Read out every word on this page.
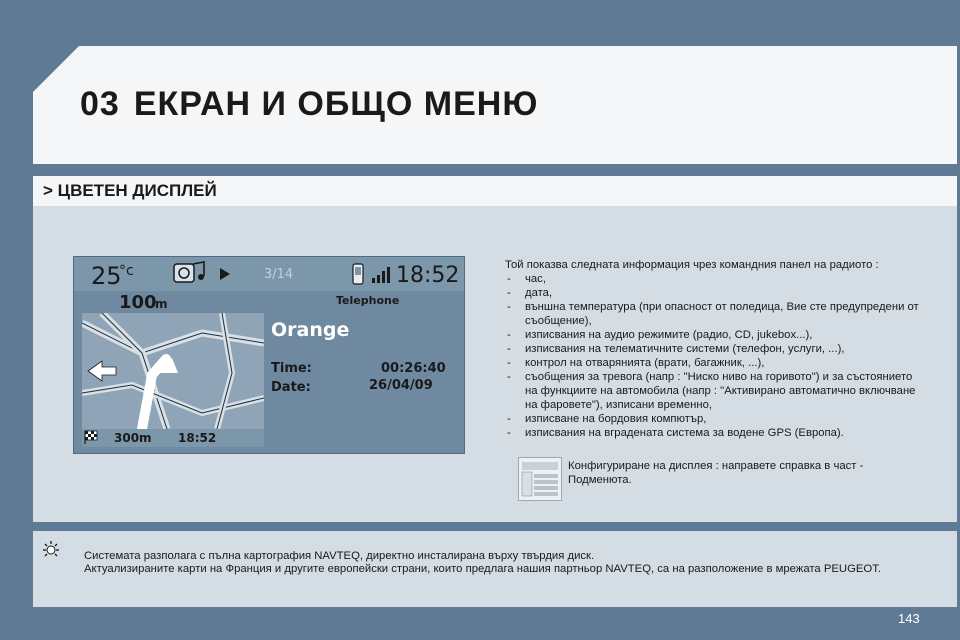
03 ЕКРАН И ОБЩО МЕНЮ
> ЦВЕТЕН ДИСПЛЕЙ
25
°c	3/14	18:52
100
m
300m 18:52
Telephone
Orange
Time:	00:26:40
Date:	26/04/09

Той показва следната информация чрез командния панел на радиото :

- час,
- дата,
- външна температура (при опасност от поледица, Вие сте предупредени от съобщение),
- изписвания на аудио режимите (радио, CD, jukebox...),
- изписвания на телематичните системи (телефон, услуги, ...),
- контрол на отварянията (врати, багажник, ...),
- съобщения за тревога (напр : "Ниско ниво на горивото") и за състоянието на функциите на автомобила (напр : "Активирано автоматично включване на фаровете"), изписани временно,
- изписване на бордовия компютър,
- изписвания на вградената система за водене GPS (Европа).
Конфигуриране на дисплея : направете справка в част - Подменюта.
Системата разполага с пълна картография NAVTEQ, директно инсталирана върху твърдия диск.
Актуализираните карти на Франция и другите европейски страни, които предлага нашия партньор NAVTEQ, са на разположение в мрежата PEUGEOT.
143
